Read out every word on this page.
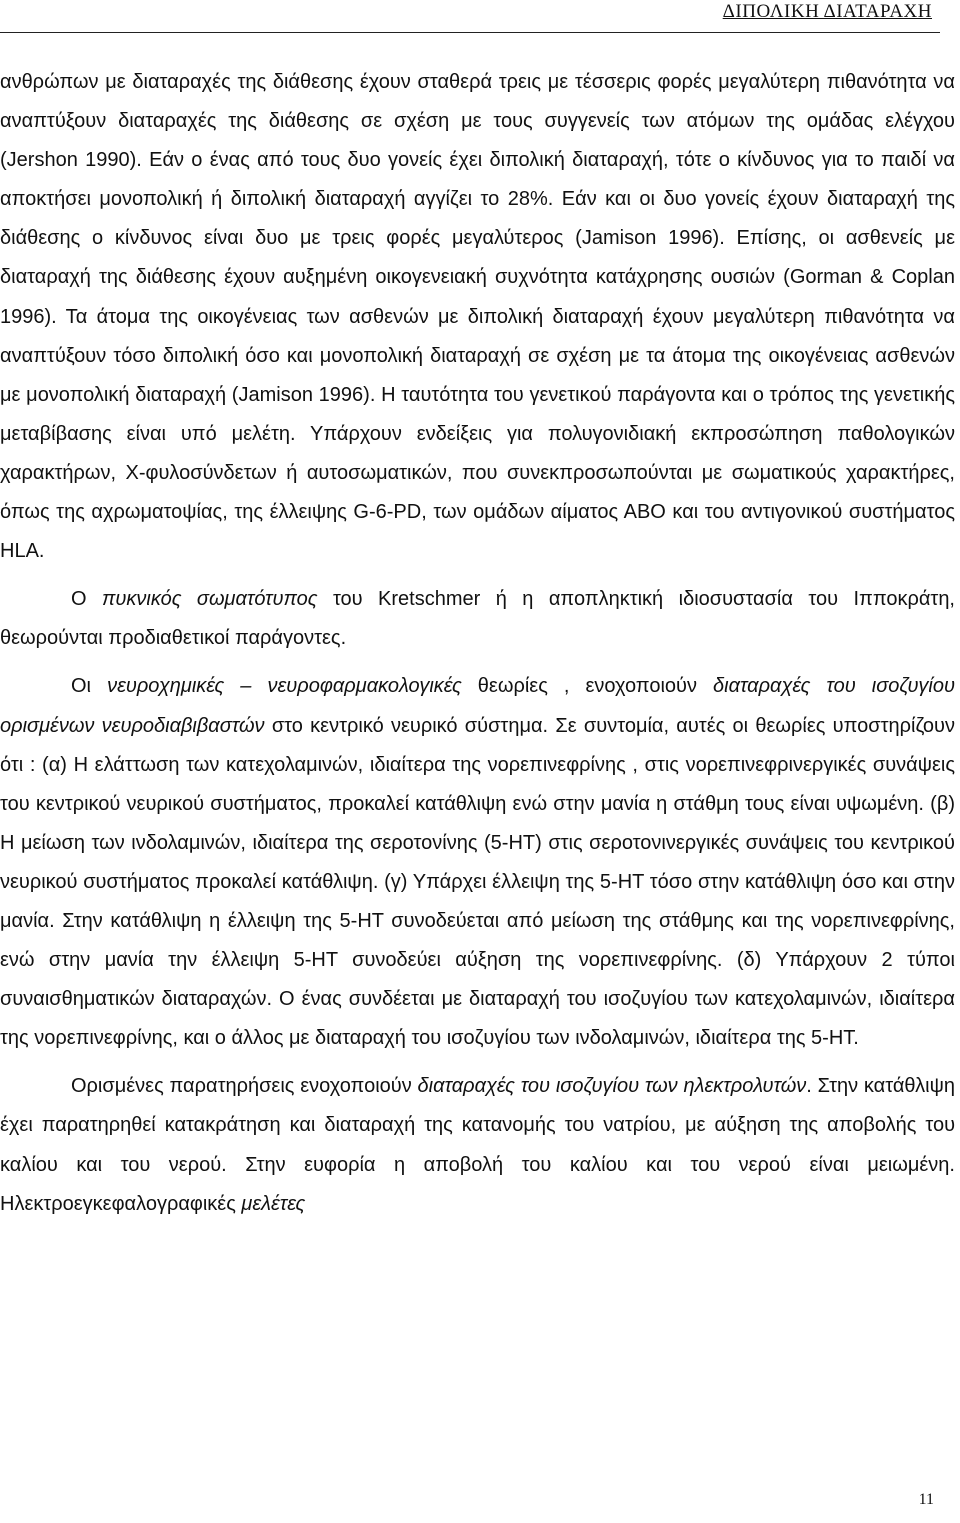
ΔΙΠΟΛΙΚΗ ΔΙΑΤΑΡΑΧΗ

ανθρώπων με διαταραχές της διάθεσης έχουν σταθερά τρεις με τέσσερις φορές μεγαλύτερη πιθανότητα να αναπτύξουν διαταραχές της διάθεσης σε σχέση με τους συγγενείς των ατόμων της ομάδας ελέγχου (Jershon 1990). Εάν ο ένας από τους δυο γονείς έχει διπολική διαταραχή, τότε ο κίνδυνος για το παιδί να αποκτήσει μονοπολική ή διπολική διαταραχή αγγίζει το 28%. Εάν και οι δυο γονείς έχουν διαταραχή της διάθεσης ο κίνδυνος είναι δυο με τρεις φορές μεγαλύτερος (Jamison 1996). Επίσης, οι ασθενείς με διαταραχή της διάθεσης έχουν αυξημένη οικογενειακή συχνότητα κατάχρησης ουσιών (Gorman & Coplan 1996). Τα άτομα της οικογένειας των ασθενών με διπολική διαταραχή έχουν μεγαλύτερη πιθανότητα να αναπτύξουν τόσο διπολική όσο και μονοπολική διαταραχή σε σχέση με τα άτομα της οικογένειας ασθενών με μονοπολική διαταραχή (Jamison 1996). Η ταυτότητα του γενετικού παράγοντα και ο τρόπος της γενετικής μεταβίβασης είναι υπό μελέτη. Υπάρχουν ενδείξεις για πολυγονιδιακή εκπροσώπηση παθολογικών χαρακτήρων, Χ-φυλοσύνδετων ή αυτοσωματικών, που συνεκπροσωπούνται με σωματικούς χαρακτήρες, όπως της αχρωματοψίας, της έλλειψης G-6-PD, των ομάδων αίματος ΑΒΟ και του αντιγονικού συστήματος HLA.

Ο πυκνικός σωματότυπος του Kretschmer ή η αποπληκτική ιδιοσυστασία του Ιπποκράτη, θεωρούνται προδιαθετικοί παράγοντες.

Οι νευροχημικές – νευροφαρμακολογικές θεωρίες , ενοχοποιούν διαταραχές του ισοζυγίου ορισμένων νευροδιαβιβαστών στο κεντρικό νευρικό σύστημα. Σε συντομία, αυτές οι θεωρίες υποστηρίζουν ότι : (α) Η ελάττωση των κατεχολαμινών, ιδιαίτερα της νορεπινεφρίνης , στις νορεπινεφρινεργικές συνάψεις του κεντρικού νευρικού συστήματος, προκαλεί κατάθλιψη ενώ στην μανία η στάθμη τους είναι υψωμένη. (β) Η μείωση των ινδολαμινών, ιδιαίτερα της σεροτονίνης (5-ΗΤ) στις σεροτονινεργικές συνάψεις του κεντρικού νευρικού συστήματος προκαλεί κατάθλιψη. (γ) Υπάρχει έλλειψη της 5-ΗΤ τόσο στην κατάθλιψη όσο και στην μανία. Στην κατάθλιψη η έλλειψη της 5-ΗΤ συνοδεύεται από μείωση της στάθμης και της νορεπινεφρίνης, ενώ στην μανία την έλλειψη 5-ΗΤ συνοδεύει αύξηση της νορεπινεφρίνης. (δ) Υπάρχουν 2 τύποι συναισθηματικών διαταραχών. Ο ένας συνδέεται με διαταραχή του ισοζυγίου των κατεχολαμινών, ιδιαίτερα της νορεπινεφρίνης, και ο άλλος με διαταραχή του ισοζυγίου των ινδολαμινών, ιδιαίτερα της 5-ΗΤ.

Ορισμένες παρατηρήσεις ενοχοποιούν διαταραχές του ισοζυγίου των ηλεκτρολυτών. Στην κατάθλιψη έχει παρατηρηθεί κατακράτηση και διαταραχή της κατανομής του νατρίου, με αύξηση της αποβολής του καλίου και του νερού. Στην ευφορία η αποβολή του καλίου και του νερού είναι μειωμένη. Ηλεκτροεγκεφαλογραφικές μελέτες

11
